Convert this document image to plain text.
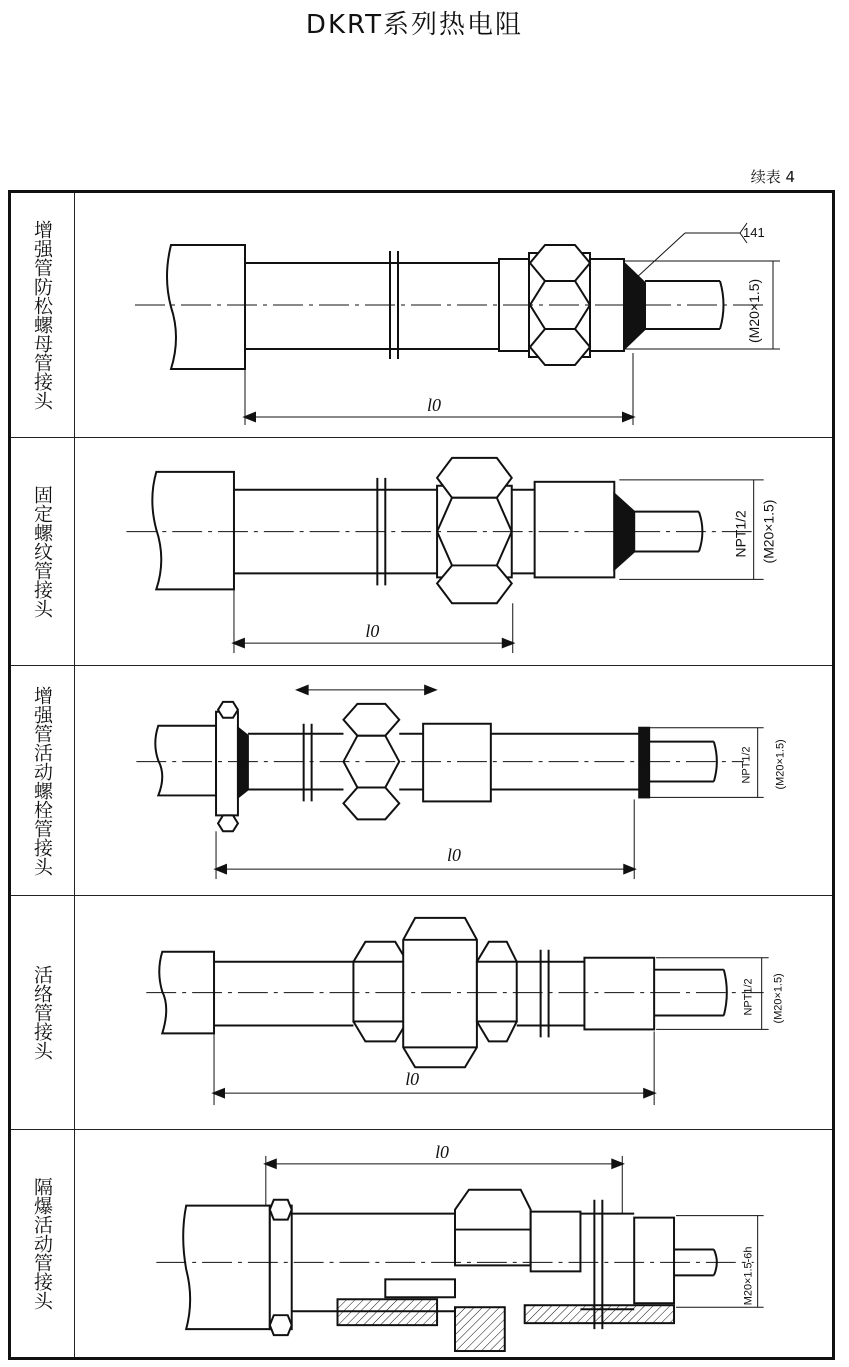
DKRT系列热电阻
续表 4
增强管防松螺母管接头	l0
141
(M20×1.5)
固定螺纹管接头
l0
NPT1/2 (M20×1.5)
增强管活动螺栓管接头	l0
NPT1/2 (M20×1.5)
活络管接头
l0
NPT1/2 (M20×1.5)
隔爆活动管接头
l0
M20×1.5-6h
